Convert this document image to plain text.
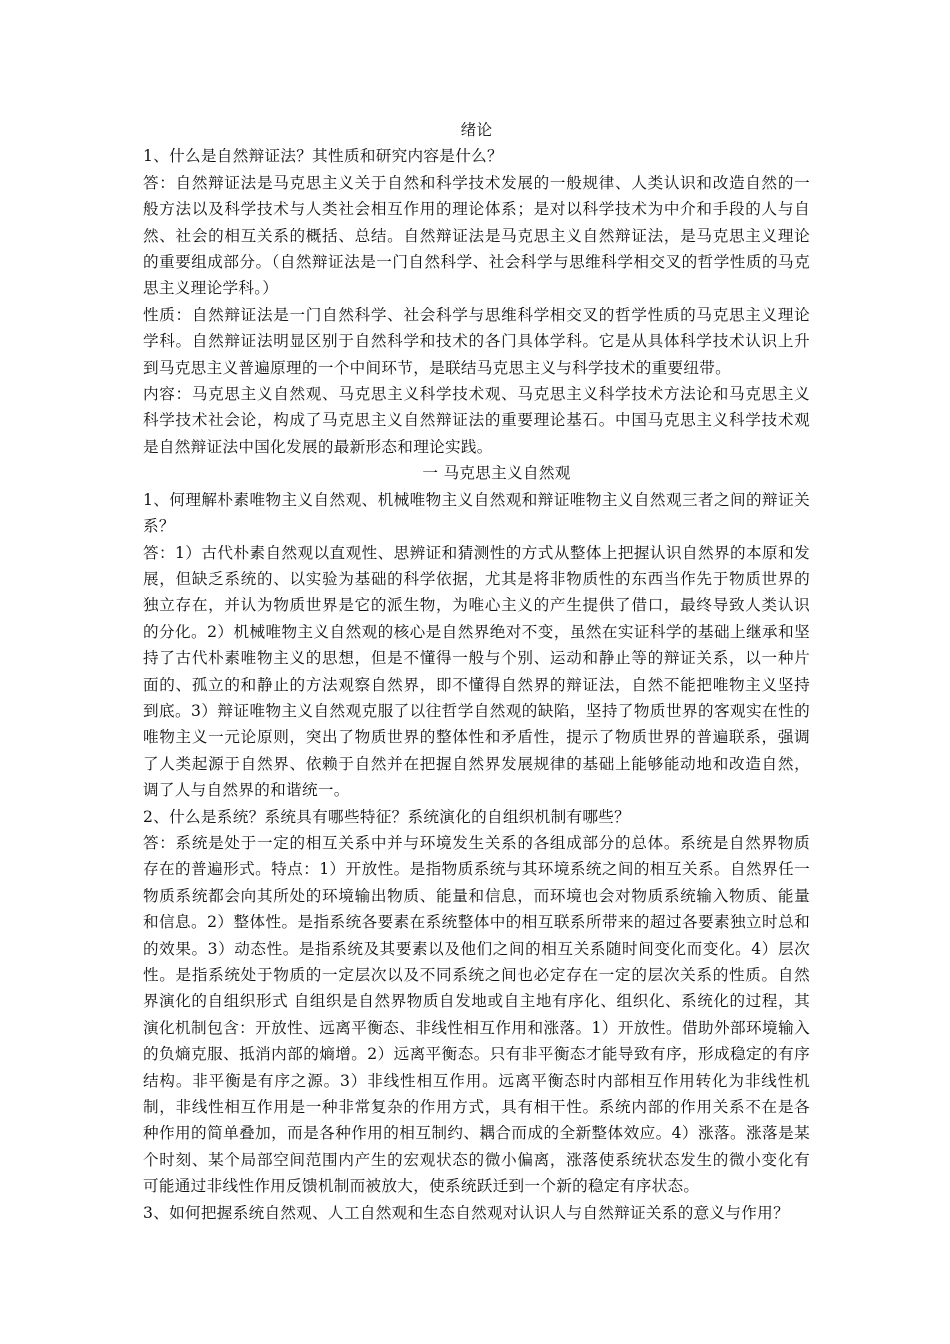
绪论

1、什么是自然辩证法？其性质和研究内容是什么？

答：自然辩证法是马克思主义关于自然和科学技术发展的一般规律、人类认识和改造自然的一般方法以及科学技术与人类社会相互作用的理论体系；是对以科学技术为中介和手段的人与自然、社会的相互关系的概括、总结。自然辩证法是马克思主义自然辩证法，是马克思主义理论的重要组成部分。（自然辩证法是一门自然科学、社会科学与思维科学相交叉的哲学性质的马克思主义理论学科。）

性质：自然辩证法是一门自然科学、社会科学与思维科学相交叉的哲学性质的马克思主义理论学科。自然辩证法明显区别于自然科学和技术的各门具体学科。它是从具体科学技术认识上升到马克思主义普遍原理的一个中间环节，是联结马克思主义与科学技术的重要纽带。

内容：马克思主义自然观、马克思主义科学技术观、马克思主义科学技术方法论和马克思主义科学技术社会论，构成了马克思主义自然辩证法的重要理论基石。中国马克思主义科学技术观是自然辩证法中国化发展的最新形态和理论实践。

一 马克思主义自然观

1、何理解朴素唯物主义自然观、机械唯物主义自然观和辩证唯物主义自然观三者之间的辩证关系？

答：1）古代朴素自然观以直观性、思辨证和猜测性的方式从整体上把握认识自然界的本原和发展，但缺乏系统的、以实验为基础的科学依据，尤其是将非物质性的东西当作先于物质世界的独立存在，并认为物质世界是它的派生物，为唯心主义的产生提供了借口，最终导致人类认识的分化。2）机械唯物主义自然观的核心是自然界绝对不变，虽然在实证科学的基础上继承和坚持了古代朴素唯物主义的思想，但是不懂得一般与个别、运动和静止等的辩证关系，以一种片面的、孤立的和静止的方法观察自然界，即不懂得自然界的辩证法，自然不能把唯物主义坚持到底。3）辩证唯物主义自然观克服了以往哲学自然观的缺陷，坚持了物质世界的客观实在性的唯物主义一元论原则，突出了物质世界的整体性和矛盾性，提示了物质世界的普遍联系，强调了人类起源于自然界、依赖于自然并在把握自然界发展规律的基础上能够能动地和改造自然，调了人与自然界的和谐统一。

2、什么是系统？系统具有哪些特征？系统演化的自组织机制有哪些？

答：系统是处于一定的相互关系中并与环境发生关系的各组成部分的总体。系统是自然界物质存在的普遍形式。特点：1）开放性。是指物质系统与其环境系统之间的相互关系。自然界任一物质系统都会向其所处的环境输出物质、能量和信息，而环境也会对物质系统输入物质、能量和信息。2）整体性。是指系统各要素在系统整体中的相互联系所带来的超过各要素独立时总和的效果。3）动态性。是指系统及其要素以及他们之间的相互关系随时间变化而变化。4）层次性。是指系统处于物质的一定层次以及不同系统之间也必定存在一定的层次关系的性质。自然界演化的自组织形式 自组织是自然界物质自发地或自主地有序化、组织化、系统化的过程，其演化机制包含：开放性、远离平衡态、非线性相互作用和涨落。1）开放性。借助外部环境输入的负熵克服、抵消内部的熵增。2）远离平衡态。只有非平衡态才能导致有序，形成稳定的有序结构。非平衡是有序之源。3）非线性相互作用。远离平衡态时内部相互作用转化为非线性机制，非线性相互作用是一种非常复杂的作用方式，具有相干性。系统内部的作用关系不在是各种作用的简单叠加，而是各种作用的相互制约、耦合而成的全新整体效应。4）涨落。涨落是某个时刻、某个局部空间范围内产生的宏观状态的微小偏离，涨落使系统状态发生的微小变化有可能通过非线性作用反馈机制而被放大，使系统跃迁到一个新的稳定有序状态。

3、如何把握系统自然观、人工自然观和生态自然观对认识人与自然辩证关系的意义与作用？
